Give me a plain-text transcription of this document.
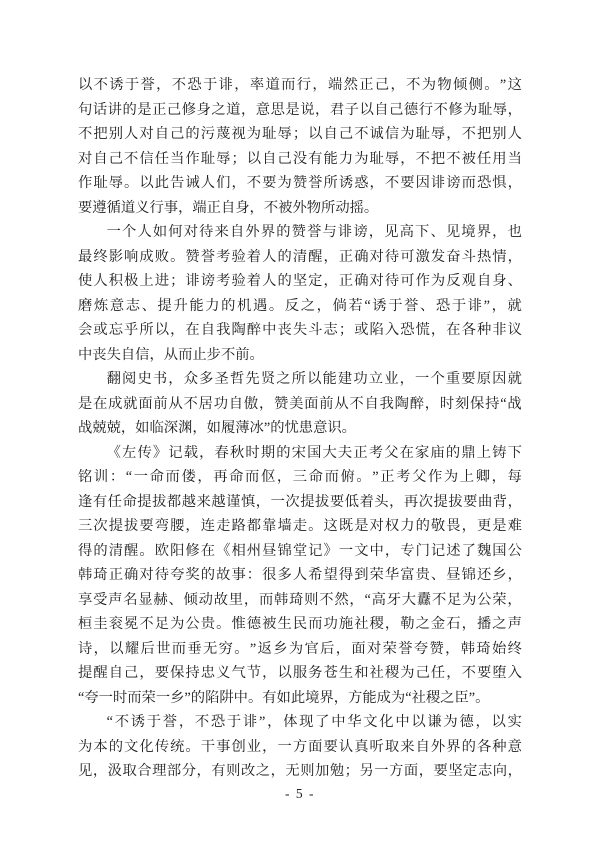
以 不 诱 于 誉 ， 不 恐 于 诽 ， 率 道 而 行 ， 端 然 正 己 ， 不 为 物 倾 侧 。 ” 这
句 话 讲 的 是 正 己 修 身 之 道 ， 意 思 是 说 ， 君 子 以 自 己 德 行 不 修 为 耻 辱 ，
不 把 别 人 对 自 己 的 污 蔑 视 为 耻 辱 ； 以 自 己 不 诚 信 为 耻 辱 ， 不 把 别 人
对 自 己 不 信 任 当 作 耻 辱 ； 以 自 己 没 有 能 力 为 耻 辱 ， 不 把 不 被 任 用 当
作 耻 辱 。 以 此 告 诫 人 们 ， 不 要 为 赞 誉 所 诱 惑 ， 不 要 因 诽 谤 而 恐 惧 ，
要遵循道义行事，端正自身，不被外物所动摇。
一 个 人 如 何 对 待 来 自 外 界 的 赞 誉 与 诽 谤 ， 见 高 下 、 见 境 界 ， 也
最 终 影 响 成 败 。 赞 誉 考 验 着 人 的 清 醒 ， 正 确 对 待 可 激 发 奋 斗 热 情 ，
使 人 积 极 上 进 ； 诽 谤 考 验 着 人 的 坚 定 ， 正 确 对 待 可 作 为 反 观 自 身 、
磨 炼 意 志 、 提 升 能 力 的 机 遇 。 反 之 ， 倘 若 “ 诱 于 誉 、 恐 于 诽 ” ， 就
会 或 忘 乎 所 以 ， 在 自 我 陶 醉 中 丧 失 斗 志 ； 或 陷 入 恐 慌 ， 在 各 种 非 议
中丧失自信，从而止步不前。
翻 阅 史 书 ， 众 多 圣 哲 先 贤 之 所 以 能 建 功 立 业 ， 一 个 重 要 原 因 就
是 在 成 就 面 前 从 不 居 功 自 傲 ， 赞 美 面 前 从 不 自 我 陶 醉 ， 时 刻 保 持 “ 战
战兢兢，如临深渊，如履薄冰”的忧患意识。
《 左 传 》 记 载 ， 春 秋 时 期 的 宋 国 大 夫 正 考 父 在 家 庙 的 鼎 上 铸 下
铭 训 ： “ 一 命 而 偻 ， 再 命 而 伛 ， 三 命 而 俯 。 ” 正 考 父 作 为 上 卿 ， 每
逢 有 任 命 提 拔 都 越 来 越 谨 慎 ， 一 次 提 拔 要 低 着 头 ， 再 次 提 拔 要 曲 背 ，
三 次 提 拔 要 弯 腰 ， 连 走 路 都 靠 墙 走 。 这 既 是 对 权 力 的 敬 畏 ， 更 是 难
得 的 清 醒 。 欧 阳 修 在 《 相 州 昼 锦 堂 记 》 一 文 中 ， 专 门 记 述 了 魏 国 公
韩 琦 正 确 对 待 夸 奖 的 故 事 ： 很 多 人 希 望 得 到 荣 华 富 贵 、 昼 锦 还 乡 ，
享 受 声 名 显 赫 、 倾 动 故 里 ， 而 韩 琦 则 不 然 ， “ 高 牙 大 纛 不 足 为 公 荣 ，
桓 圭 衮 冕 不 足 为 公 贵 。 惟 德 被 生 民 而 功 施 社 稷 ， 勒 之 金 石 ， 播 之 声
诗 ， 以 耀 后 世 而 垂 无 穷 。 ” 返 乡 为 官 后 ， 面 对 荣 誉 夸 赞 ， 韩 琦 始 终
提 醒 自 己 ， 要 保 持 忠 义 气 节 ， 以 服 务 苍 生 和 社 稷 为 己 任 ， 不 要 堕 入
“夸一时而荣一乡”的陷阱中。有如此境界，方能成为“社稷之臣”。
“ 不 诱 于 誉 ， 不 恐 于 诽 ” ， 体 现 了 中 华 文 化 中 以 谦 为 德 ， 以 实
为 本 的 文 化 传 统 。 干 事 创 业 ， 一 方 面 要 认 真 听 取 来 自 外 界 的 各 种 意
见 ， 汲 取 合 理 部 分 ， 有 则 改 之 ， 无 则 加 勉 ； 另 一 方 面 ， 要 坚 定 志 向 ，
- 5 -
